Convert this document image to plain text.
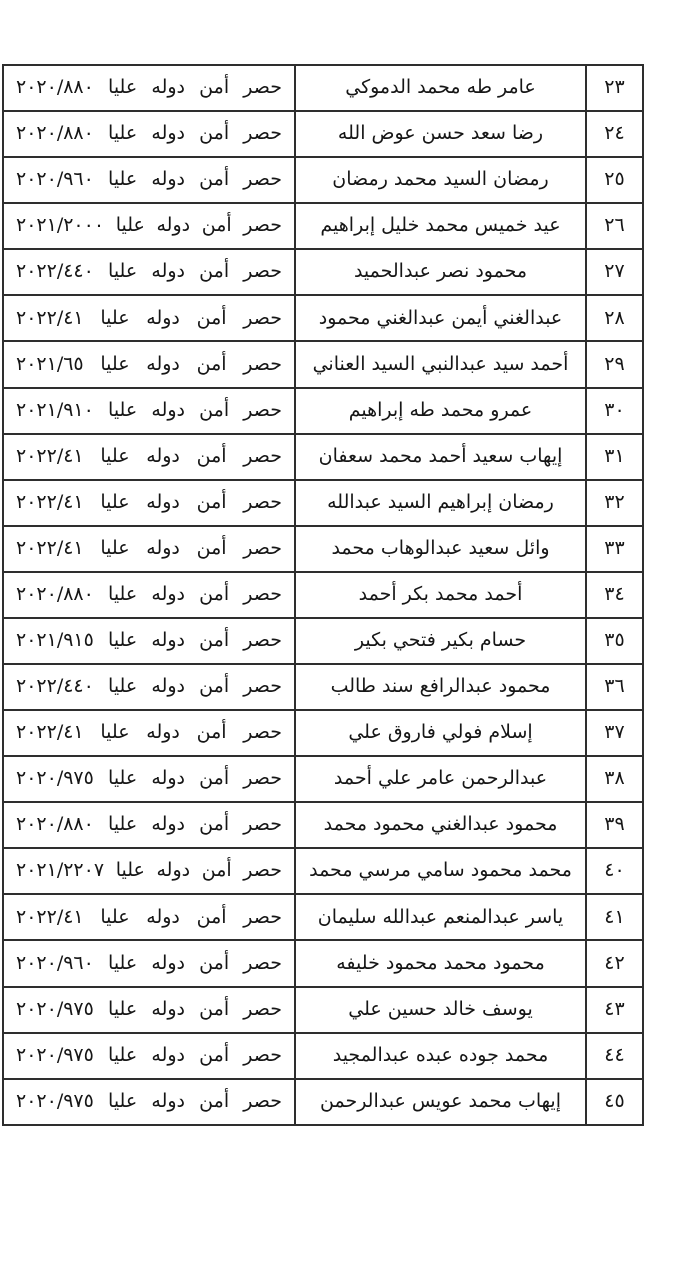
٢٣	عامر طه محمد الدموكي	حصر أمن دوله عليا ٢٠٢٠/٨٨٠
٢٤	رضا سعد حسن عوض الله	حصر أمن دوله عليا ٢٠٢٠/٨٨٠
٢٥	رمضان السيد محمد رمضان	حصر أمن دوله عليا ٢٠٢٠/٩٦٠
٢٦	عيد خميس محمد خليل إبراهيم	حصر أمن دوله عليا ٢٠٢١/٢٠٠٠
٢٧	محمود نصر عبدالحميد	حصر أمن دوله عليا ٢٠٢٢/٤٤٠
٢٨	عبدالغني أيمن عبدالغني محمود	حصر أمن دوله عليا ٢٠٢٢/٤١
٢٩	أحمد سيد عبدالنبي السيد العناني	حصر أمن دوله عليا ٢٠٢١/٦٥
٣٠	عمرو محمد طه إبراهيم	حصر أمن دوله عليا ٢٠٢١/٩١٠
٣١	إيهاب سعيد أحمد محمد سعفان	حصر أمن دوله عليا ٢٠٢٢/٤١
٣٢	رمضان إبراهيم السيد عبدالله	حصر أمن دوله عليا ٢٠٢٢/٤١
٣٣	وائل سعيد عبدالوهاب محمد	حصر أمن دوله عليا ٢٠٢٢/٤١
٣٤	أحمد محمد بكر أحمد	حصر أمن دوله عليا ٢٠٢٠/٨٨٠
٣٥	حسام بكير فتحي بكير	حصر أمن دوله عليا ٢٠٢١/٩١٥
٣٦	محمود عبدالرافع سند طالب	حصر أمن دوله عليا ٢٠٢٢/٤٤٠
٣٧	إسلام فولي فاروق علي	حصر أمن دوله عليا ٢٠٢٢/٤١
٣٨	عبدالرحمن عامر علي أحمد	حصر أمن دوله عليا ٢٠٢٠/٩٧٥
٣٩	محمود عبدالغني محمود محمد	حصر أمن دوله عليا ٢٠٢٠/٨٨٠
٤٠	محمد محمود سامي مرسي محمد	حصر أمن دوله عليا ٢٠٢١/٢٢٠٧
٤١	ياسر عبدالمنعم عبدالله سليمان	حصر أمن دوله عليا ٢٠٢٢/٤١
٤٢	محمود محمد محمود خليفه	حصر أمن دوله عليا ٢٠٢٠/٩٦٠
٤٣	يوسف خالد حسين علي	حصر أمن دوله عليا ٢٠٢٠/٩٧٥
٤٤	محمد جوده عبده عبدالمجيد	حصر أمن دوله عليا ٢٠٢٠/٩٧٥
٤٥	إيهاب محمد عويس عبدالرحمن	حصر أمن دوله عليا ٢٠٢٠/٩٧٥
